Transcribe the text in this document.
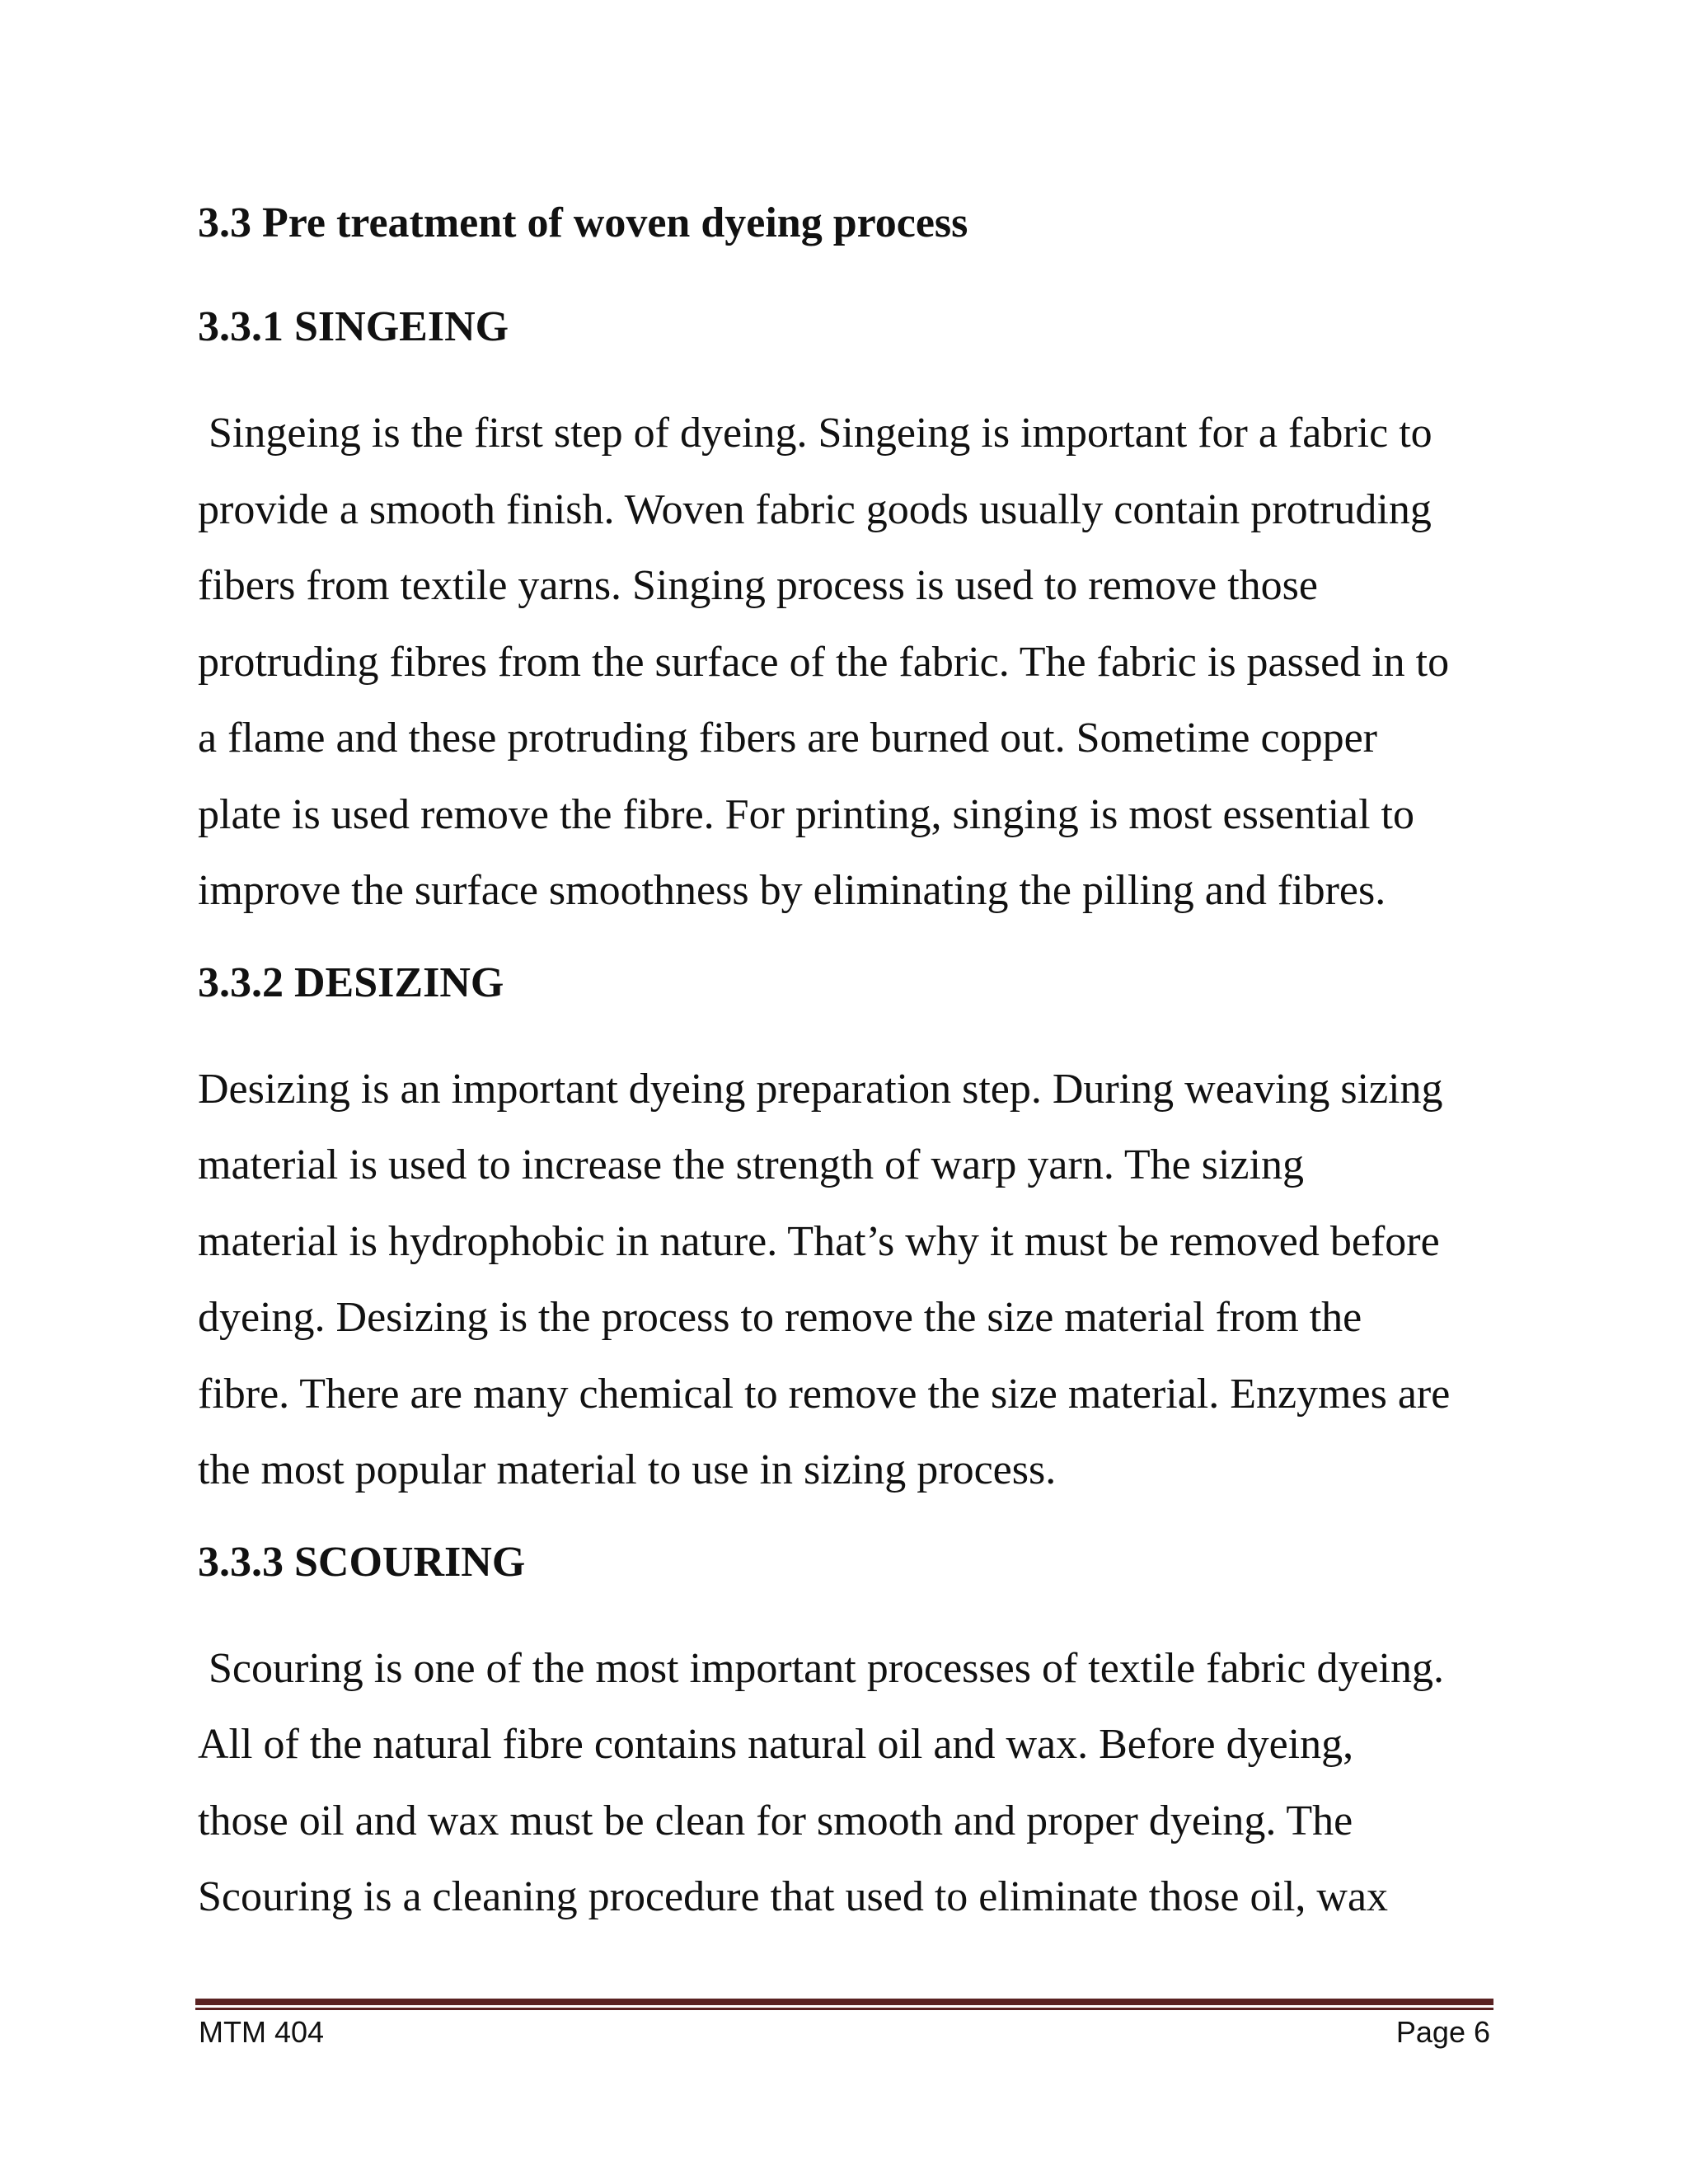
3.3 Pre treatment of woven dyeing process
3.3.1 SINGEING

Singeing is the first step of dyeing. Singeing is important for a fabric to
provide a smooth finish. Woven fabric goods usually contain protruding
fibers from textile yarns. Singing process is used to remove those
protruding fibres from the surface of the fabric. The fabric is passed in to
a flame and these protruding fibers are burned out. Sometime copper
plate is used remove the fibre. For printing, singing is most essential to
improve the surface smoothness by eliminating the pilling and fibres.

3.3.2 DESIZING

Desizing is an important dyeing preparation step. During weaving sizing
material is used to increase the strength of warp yarn. The sizing
material is hydrophobic in nature. That’s why it must be removed before
dyeing. Desizing is the process to remove the size material from the
fibre. There are many chemical to remove the size material. Enzymes are
the most popular material to use in sizing process.

3.3.3 SCOURING

Scouring is one of the most important processes of textile fabric dyeing.
All of the natural fibre contains natural oil and wax. Before dyeing,
those oil and wax must be clean for smooth and proper dyeing. The
Scouring is a cleaning procedure that used to eliminate those oil, wax

MTM 404	Page 6
